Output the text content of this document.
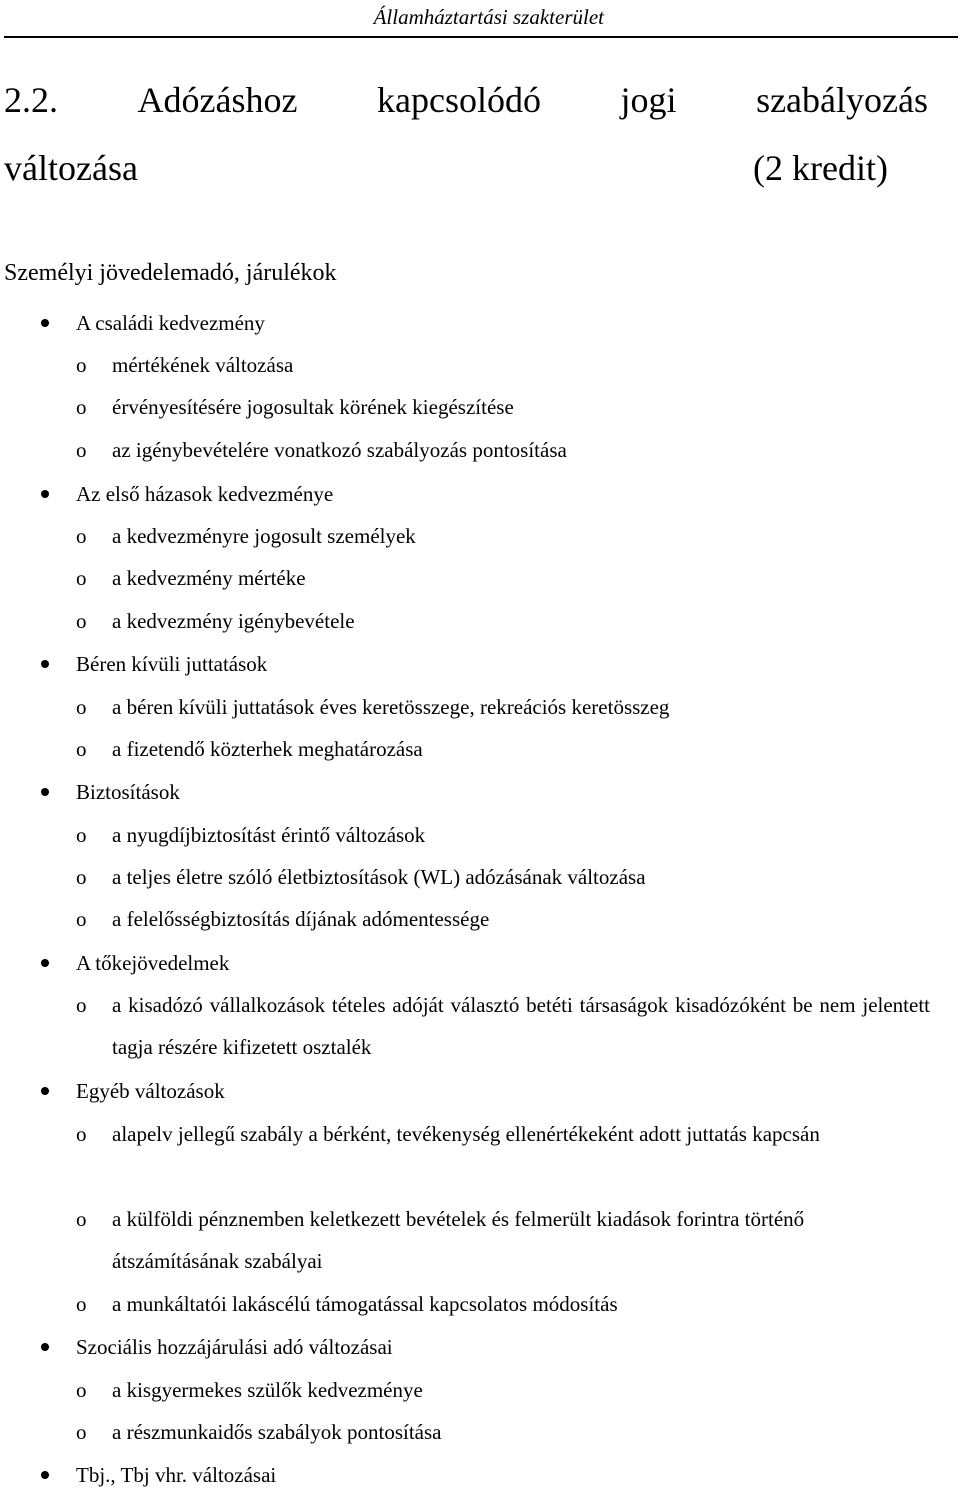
Államháztartási szakterület
2.2. Adózáshoz kapcsolódó jogi szabályozás
változása	(2 kredit)
Személyi jövedelemadó, járulékok
A családi kedvezmény
o mértékének változása
o érvényesítésére jogosultak körének kiegészítése
o az igénybevételére vonatkozó szabályozás pontosítása
Az első házasok kedvezménye
o a kedvezményre jogosult személyek
o a kedvezmény mértéke
o a kedvezmény igénybevétele
Béren kívüli juttatások
o a béren kívüli juttatások éves keretösszege, rekreációs keretösszeg
o a fizetendő közterhek meghatározása
Biztosítások
o a nyugdíjbiztosítást érintő változások
o a teljes életre szóló életbiztosítások (WL) adózásának változása
o a felelősségbiztosítás díjának adómentessége
A tőkejövedelmek
o a kisadózó vállalkozások tételes adóját választó betéti társaságok kisadózóként be nem jelentett tagja részére kifizetett osztalék
Egyéb változások
o alapelv jellegű szabály a bérként, tevékenység ellenértékeként adott juttatás kapcsán
o a külföldi pénznemben keletkezett bevételek és felmerült kiadások forintra történő átszámításának szabályai
o a munkáltatói lakáscélú támogatással kapcsolatos módosítás
Szociális hozzájárulási adó változásai
o a kisgyermekes szülők kedvezménye
o a részmunkaidős szabályok pontosítása
Tbj., Tbj vhr. változásai
